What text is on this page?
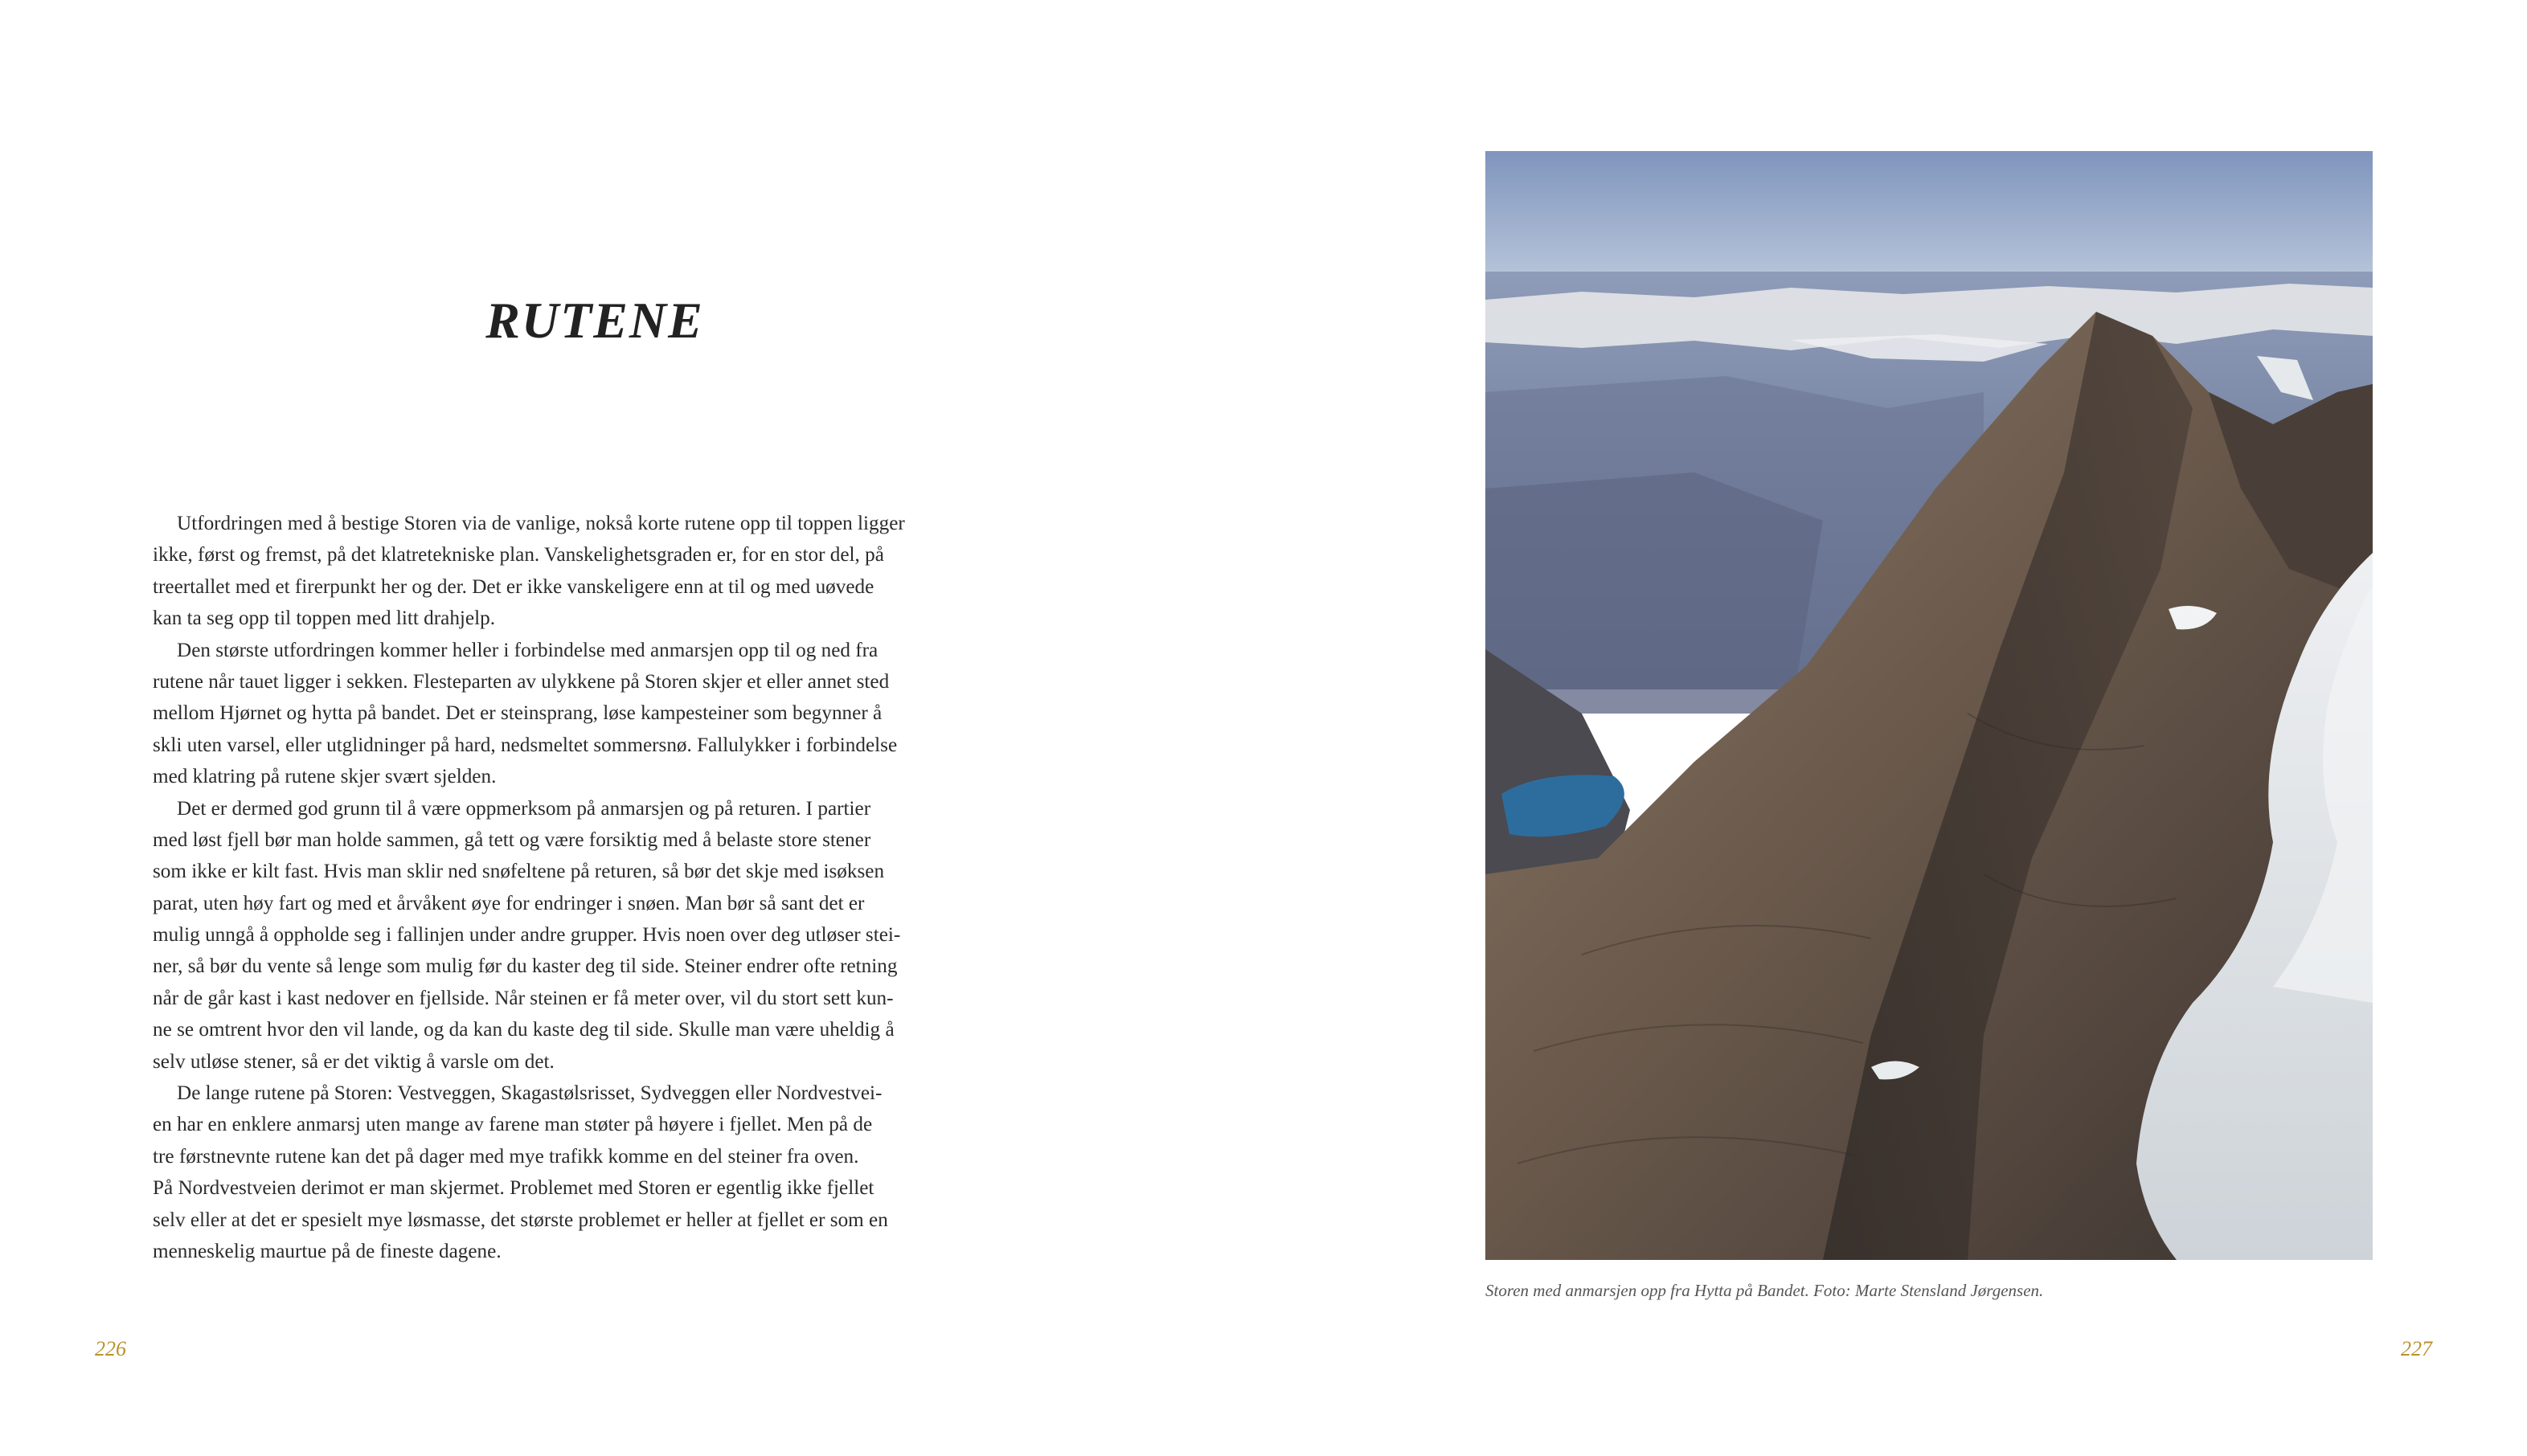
RUTENE
Utfordringen med å bestige Storen via de vanlige, nokså korte rutene opp til toppen ligger
ikke, først og fremst, på det klatretekniske plan. Vanskelighetsgraden er, for en stor del, på
treertallet med et firerpunkt her og der. Det er ikke vanskeligere enn at til og med uøvede
kan ta seg opp til toppen med litt drahjelp.
Den største utfordringen kommer heller i forbindelse med anmarsjen opp til og ned fra
rutene når tauet ligger i sekken. Flesteparten av ulykkene på Storen skjer et eller annet sted
mellom Hjørnet og hytta på bandet. Det er steinsprang, løse kampesteiner som begynner å
skli uten varsel, eller utglidninger på hard, nedsmeltet sommersnø. Fallulykker i forbindelse
med klatring på rutene skjer svært sjelden.
Det er dermed god grunn til å være oppmerksom på anmarsjen og på returen. I partier
med løst fjell bør man holde sammen, gå tett og være forsiktig med å belaste store stener
som ikke er kilt fast. Hvis man sklir ned snøfeltene på returen, så bør det skje med isøksen
parat, uten høy fart og med et årvåkent øye for endringer i snøen. Man bør så sant det er
mulig unngå å oppholde seg i fallinjen under andre grupper. Hvis noen over deg utløser stei-
ner, så bør du vente så lenge som mulig før du kaster deg til side. Steiner endrer ofte retning
når de går kast i kast nedover en fjellside. Når steinen er få meter over, vil du stort sett kun-
ne se omtrent hvor den vil lande, og da kan du kaste deg til side. Skulle man være uheldig å
selv utløse stener, så er det viktig å varsle om det.
De lange rutene på Storen: Vestveggen, Skagastølsrisset, Sydveggen eller Nordvestvei-
en har en enklere anmarsj uten mange av farene man støter på høyere i fjellet. Men på de
tre førstnevnte rutene kan det på dager med mye trafikk komme en del steiner fra oven.
På Nordvestveien derimot er man skjermet. Problemet med Storen er egentlig ikke fjellet
selv eller at det er spesielt mye løsmasse, det største problemet er heller at fjellet er som en
menneskelig maurtue på de fineste dagene.
226
Storen med anmarsjen opp fra Hytta på Bandet. Foto: Marte Stensland Jørgensen.
227
